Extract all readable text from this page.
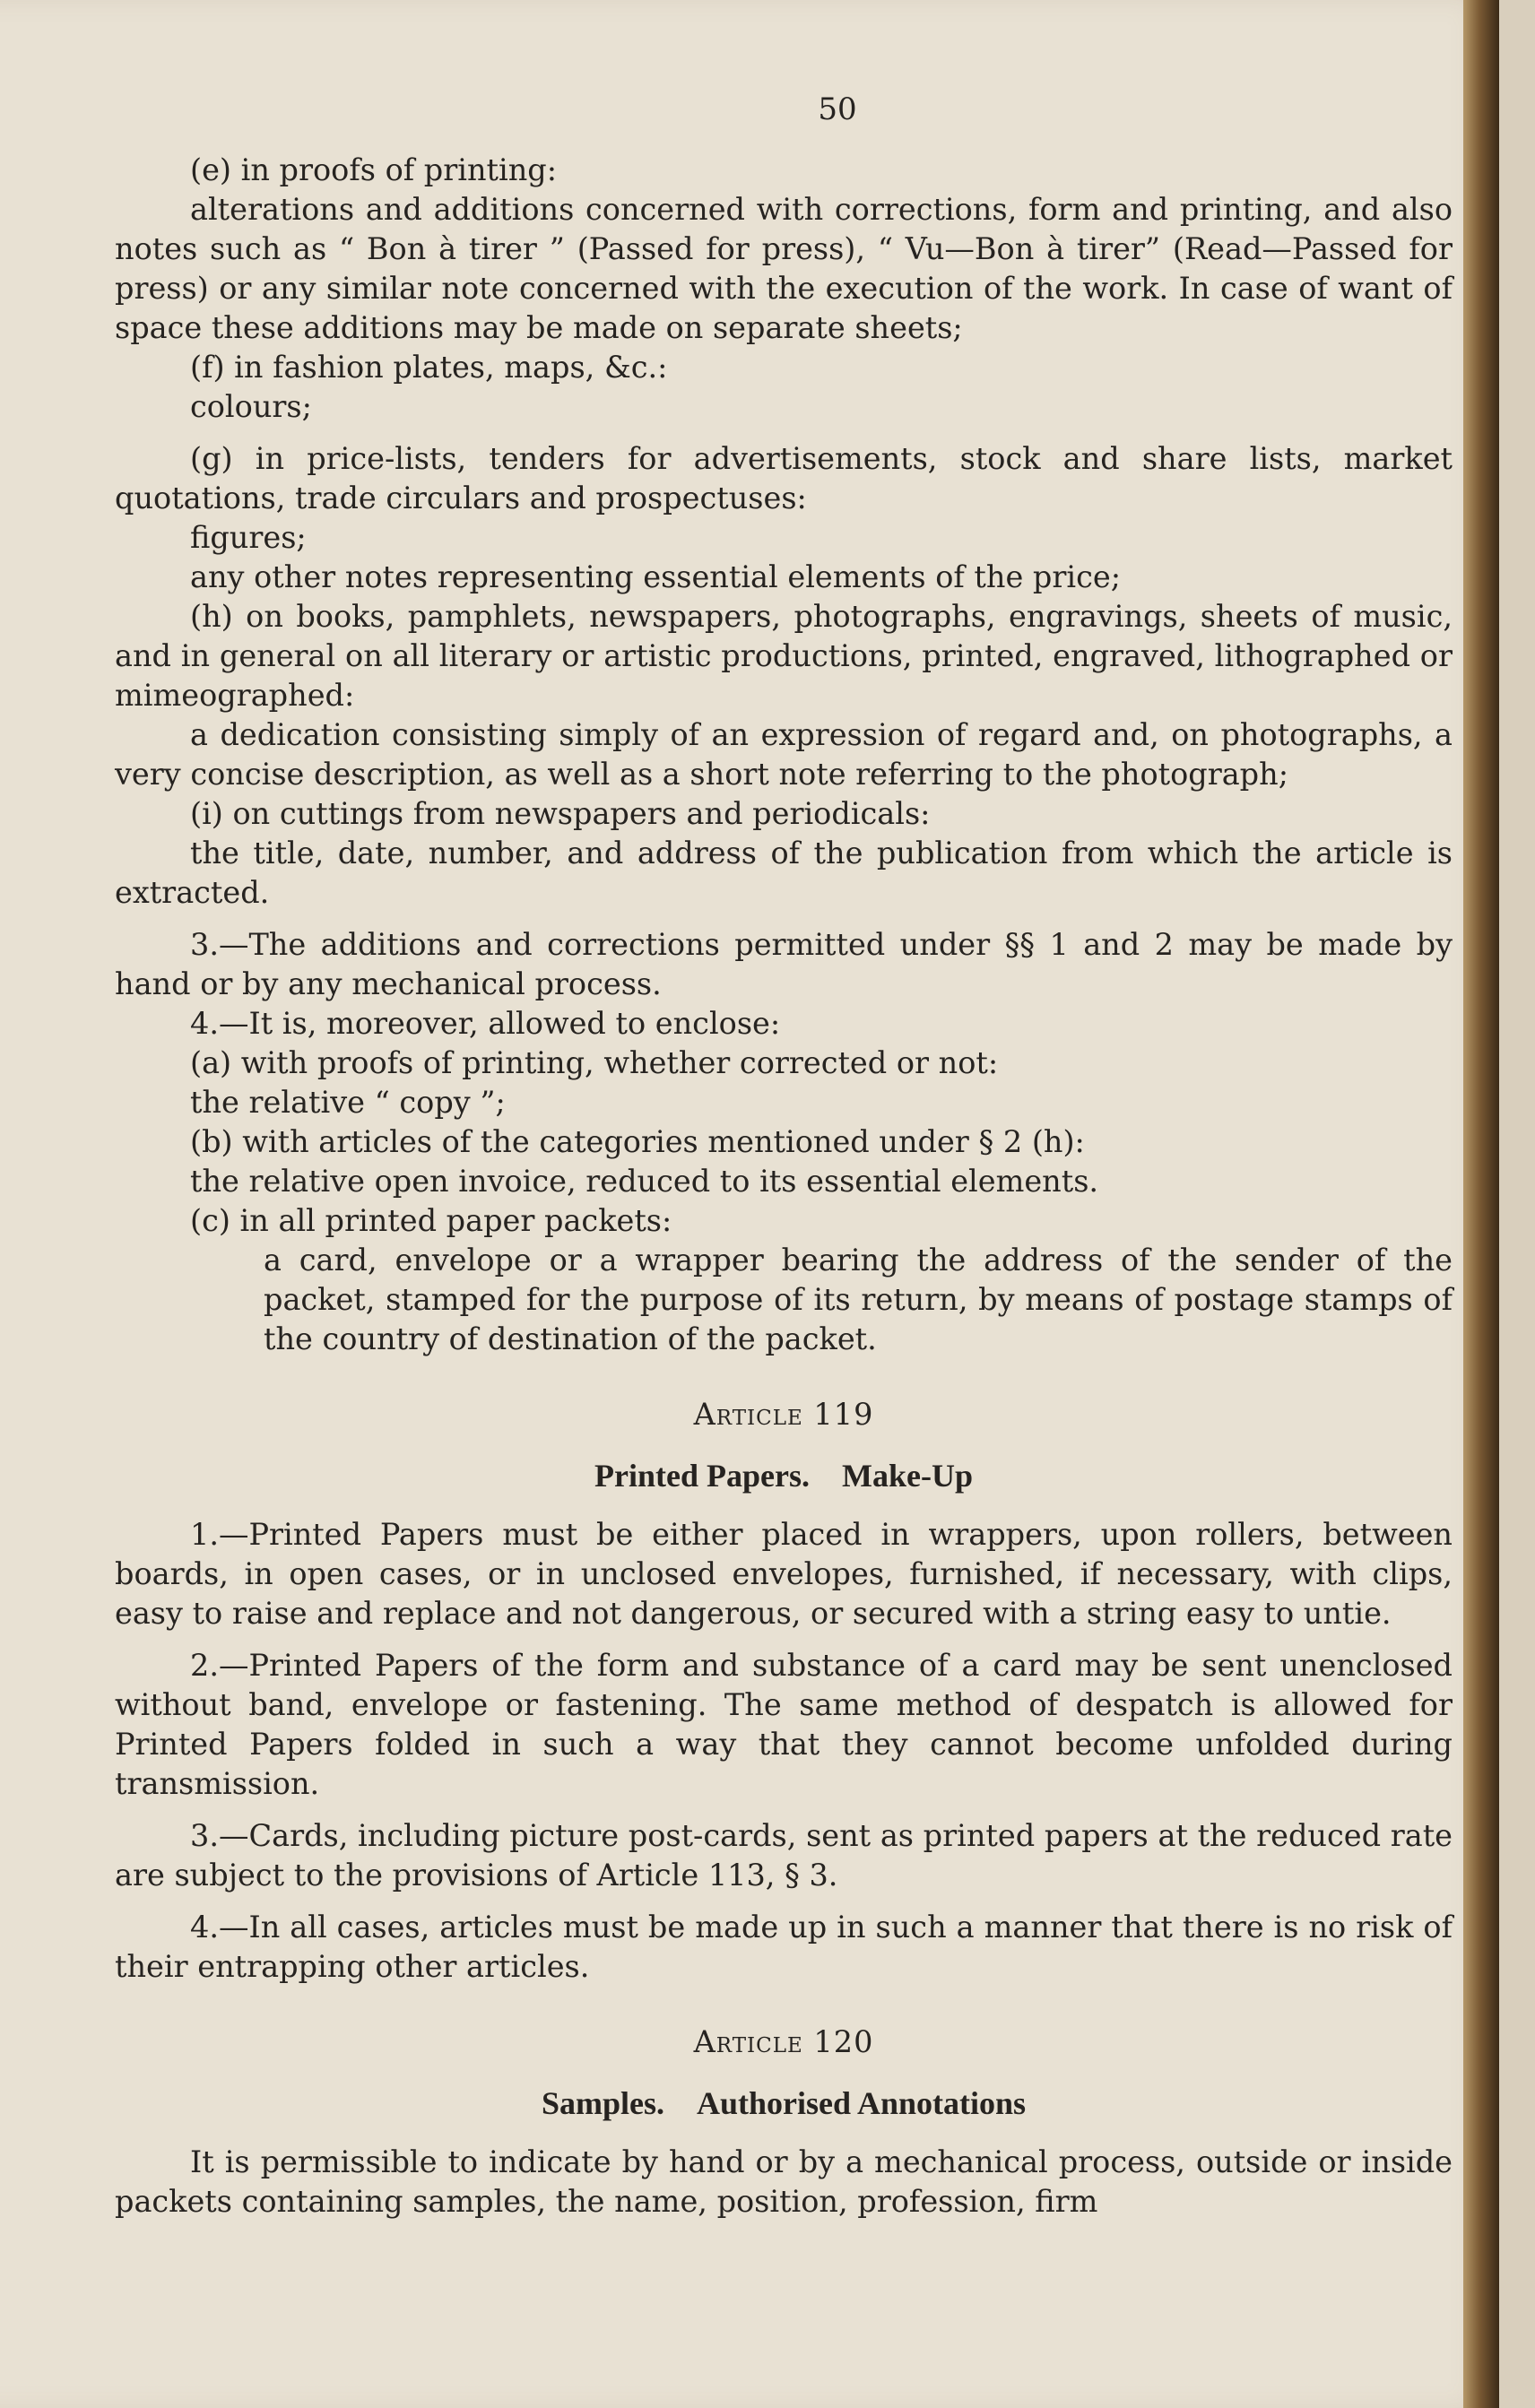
50

(e) in proofs of printing:

alterations and additions concerned with corrections, form and printing, and also notes such as “ Bon à tirer ” (Passed for press), “ Vu—Bon à tirer” (Read—Passed for press) or any similar note concerned with the execution of the work. In case of want of space these additions may be made on separate sheets;

(f) in fashion plates, maps, &c.:

colours;

(g) in price-lists, tenders for advertisements, stock and share lists, market quotations, trade circulars and prospectuses:

figures;

any other notes representing essential elements of the price;

(h) on books, pamphlets, newspapers, photographs, engravings, sheets of music, and in general on all literary or artistic productions, printed, engraved, lithographed or mimeographed:

a dedication consisting simply of an expression of regard and, on photographs, a very concise description, as well as a short note referring to the photograph;

(i) on cuttings from newspapers and periodicals:

the title, date, number, and address of the publication from which the article is extracted.

3.—The additions and corrections permitted under §§ 1 and 2 may be made by hand or by any mechanical process.

4.—It is, moreover, allowed to enclose:

(a) with proofs of printing, whether corrected or not:

the relative “ copy ”;

(b) with articles of the categories mentioned under § 2 (h):

the relative open invoice, reduced to its essential elements.

(c) in all printed paper packets:

a card, envelope or a wrapper bearing the address of the sender of the packet, stamped for the purpose of its return, by means of postage stamps of the country of destination of the packet.

Article 119
Printed Papers. Make-Up

1.—Printed Papers must be either placed in wrappers, upon rollers, between boards, in open cases, or in unclosed envelopes, furnished, if necessary, with clips, easy to raise and replace and not dangerous, or secured with a string easy to untie.

2.—Printed Papers of the form and substance of a card may be sent unenclosed without band, envelope or fastening. The same method of despatch is allowed for Printed Papers folded in such a way that they cannot become unfolded during transmission.

3.—Cards, including picture post-cards, sent as printed papers at the reduced rate are subject to the provisions of Article 113, § 3.

4.—In all cases, articles must be made up in such a manner that there is no risk of their entrapping other articles.

Article 120
Samples. Authorised Annotations

It is permissible to indicate by hand or by a mechanical process, outside or inside packets containing samples, the name, position, profession, firm
